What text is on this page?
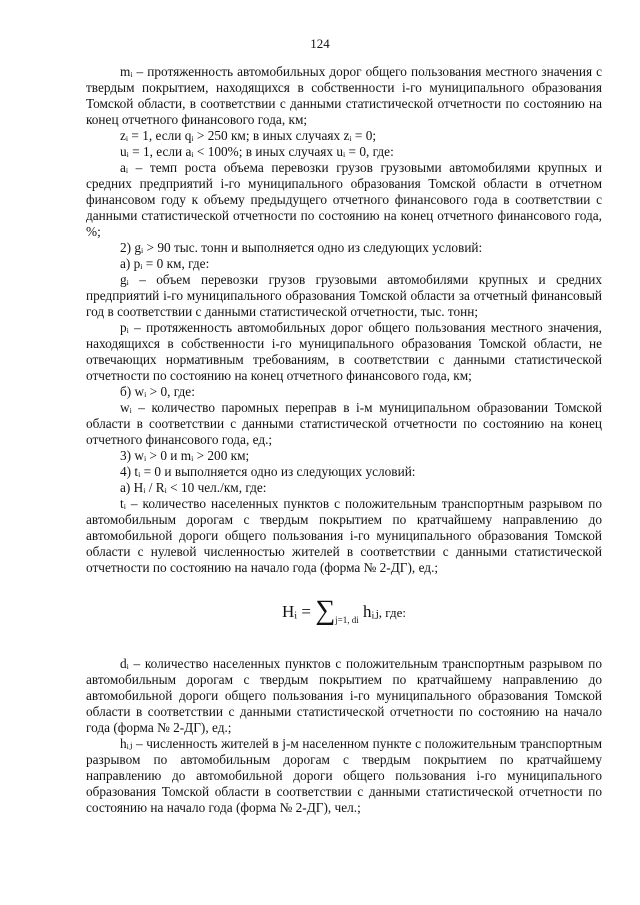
124

mᵢ – протяженность автомобильных дорог общего пользования местного значения с твердым покрытием, находящихся в собственности i-го муниципального образования Томской области, в соответствии с данными статистической отчетности по состоянию на конец отчетного финансового года, км;

zᵢ = 1, если qᵢ > 250 км; в иных случаях zᵢ = 0;

uᵢ = 1, если aᵢ < 100%; в иных случаях uᵢ = 0, где:

aᵢ – темп роста объема перевозки грузов грузовыми автомобилями крупных и средних предприятий i-го муниципального образования Томской области в отчетном финансовом году к объему предыдущего отчетного финансового года в соответствии с данными статистической отчетности по состоянию на конец отчетного финансового года, %;

2) gᵢ > 90 тыс. тонн и выполняется одно из следующих условий:

а) pᵢ = 0 км, где:

gᵢ – объем перевозки грузов грузовыми автомобилями крупных и средних предприятий i-го муниципального образования Томской области за отчетный финансовый год в соответствии с данными статистической отчетности, тыс. тонн;

pᵢ – протяженность автомобильных дорог общего пользования местного значения, находящихся в собственности i-го муниципального образования Томской области, не отвечающих нормативным требованиям, в соответствии с данными статистической отчетности по состоянию на конец отчетного финансового года, км;

б) wᵢ > 0, где:

wᵢ – количество паромных переправ в i-м муниципальном образовании Томской области в соответствии с данными статистической отчетности по состоянию на конец отчетного финансового года, ед.;

3) wᵢ > 0 и mᵢ > 200 км;

4) tᵢ = 0 и выполняется одно из следующих условий:

а) Hᵢ / Rᵢ < 10 чел./км, где:

tᵢ – количество населенных пунктов с положительным транспортным разрывом по автомобильным дорогам с твердым покрытием по кратчайшему направлению до автомобильной дороги общего пользования i-го муниципального образования Томской области с нулевой численностью жителей в соответствии с данными статистической отчетности по состоянию на начало года (форма № 2-ДГ), ед.;

Hᵢ = $\sum_{j=1, di}$ hᵢⱼ, где:

dᵢ – количество населенных пунктов с положительным транспортным разрывом по автомобильным дорогам с твердым покрытием по кратчайшему направлению до автомобильной дороги общего пользования i-го муниципального образования Томской области в соответствии с данными статистической отчетности по состоянию на начало года (форма № 2-ДГ), ед.;

hᵢⱼ – численность жителей в j-м населенном пункте с положительным транспортным разрывом по автомобильным дорогам с твердым покрытием по кратчайшему направлению до автомобильной дороги общего пользования i-го муниципального образования Томской области в соответствии с данными статистической отчетности по состоянию на начало года (форма № 2-ДГ), чел.;
